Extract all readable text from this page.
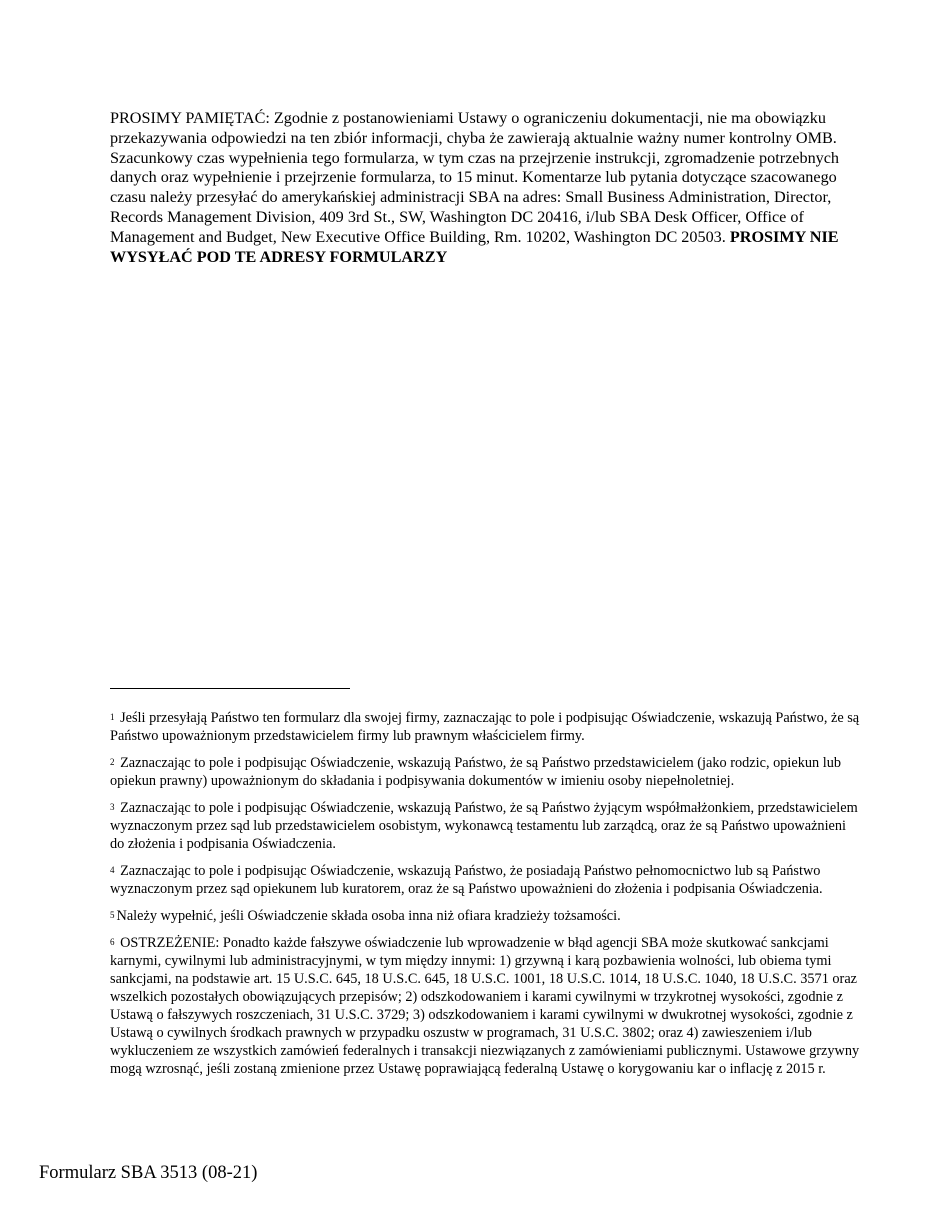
PROSIMY PAMIĘTAĆ: Zgodnie z postanowieniami Ustawy o ograniczeniu dokumentacji, nie ma obowiązku przekazywania odpowiedzi na ten zbiór informacji, chyba że zawierają aktualnie ważny numer kontrolny OMB. Szacunkowy czas wypełnienia tego formularza, w tym czas na przejrzenie instrukcji, zgromadzenie potrzebnych danych oraz wypełnienie i przejrzenie formularza, to 15 minut. Komentarze lub pytania dotyczące szacowanego czasu należy przesyłać do amerykańskiej administracji SBA na adres: Small Business Administration, Director, Records Management Division, 409 3rd St., SW, Washington DC 20416, i/lub SBA Desk Officer, Office of Management and Budget, New Executive Office Building, Rm. 10202, Washington DC 20503. PROSIMY NIE WYSYŁAĆ POD TE ADRESY FORMULARZY

$^1$ Jeśli przesyłają Państwo ten formularz dla swojej firmy, zaznaczając to pole i podpisując Oświadczenie, wskazują Państwo, że są Państwo upoważnionym przedstawicielem firmy lub prawnym właścicielem firmy.

$^2$ Zaznaczając to pole i podpisując Oświadczenie, wskazują Państwo, że są Państwo przedstawicielem (jako rodzic, opiekun lub opiekun prawny) upoważnionym do składania i podpisywania dokumentów w imieniu osoby niepełnoletniej.

$^3$ Zaznaczając to pole i podpisując Oświadczenie, wskazują Państwo, że są Państwo żyjącym współmałżonkiem, przedstawicielem wyznaczonym przez sąd lub przedstawicielem osobistym, wykonawcą testamentu lub zarządcą, oraz że są Państwo upoważnieni do złożenia i podpisania Oświadczenia.

$^4$ Zaznaczając to pole i podpisując Oświadczenie, wskazują Państwo, że posiadają Państwo pełnomocnictwo lub są Państwo wyznaczonym przez sąd opiekunem lub kuratorem, oraz że są Państwo upoważnieni do złożenia i podpisania Oświadczenia.

$^5$ Należy wypełnić, jeśli Oświadczenie składa osoba inna niż ofiara kradzieży tożsamości.

$^6$ OSTRZEŻENIE: Ponadto każde fałszywe oświadczenie lub wprowadzenie w błąd agencji SBA może skutkować sankcjami karnymi, cywilnymi lub administracyjnymi, w tym między innymi: 1) grzywną i karą pozbawienia wolności, lub obiema tymi sankcjami, na podstawie art. 15 U.S.C. 645, 18 U.S.C. 645, 18 U.S.C. 1001, 18 U.S.C. 1014, 18 U.S.C. 1040, 18 U.S.C. 3571 oraz wszelkich pozostałych obowiązujących przepisów; 2) odszkodowaniem i karami cywilnymi w trzykrotnej wysokości, zgodnie z Ustawą o fałszywych roszczeniach, 31 U.S.C. 3729; 3) odszkodowaniem i karami cywilnymi w dwukrotnej wysokości, zgodnie z Ustawą o cywilnych środkach prawnych w przypadku oszustw w programach, 31 U.S.C. 3802; oraz 4) zawieszeniem i/lub wykluczeniem ze wszystkich zamówień federalnych i transakcji niezwiązanych z zamówieniami publicznymi. Ustawowe grzywny mogą wzrosnąć, jeśli zostaną zmienione przez Ustawę poprawiającą federalną Ustawę o korygowaniu kar o inflację z 2015 r.

Formularz SBA 3513 (08-21)
